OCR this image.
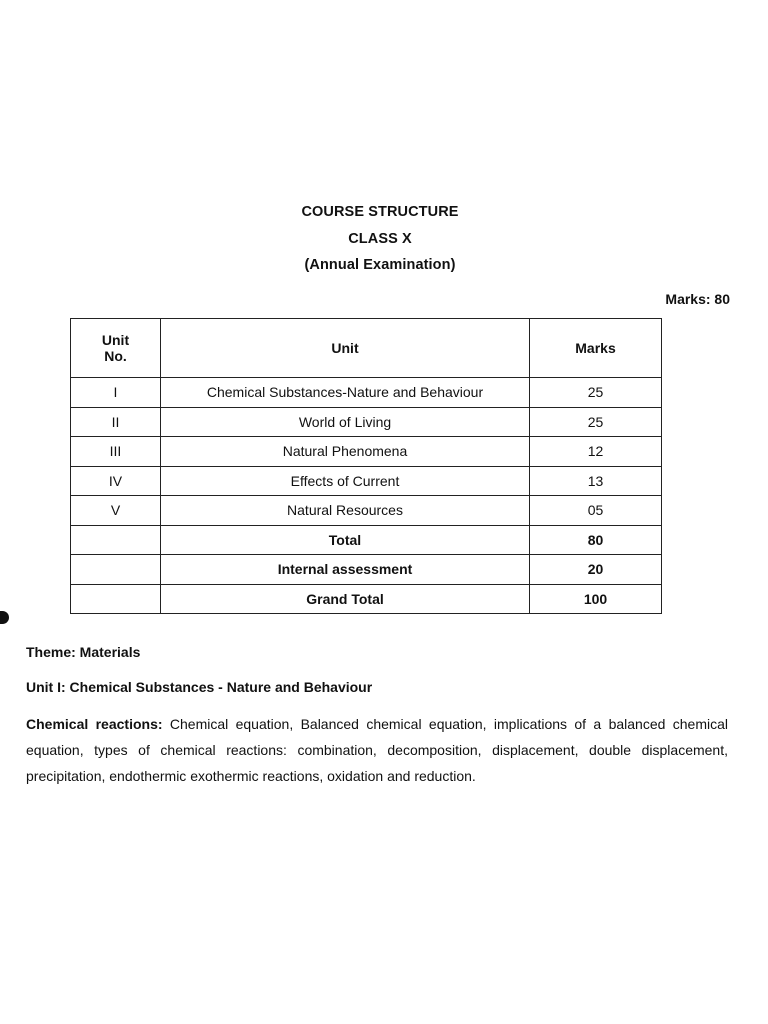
COURSE STRUCTURE
CLASS X
(Annual Examination)
Marks: 80
Unit
No.	Unit	Marks
I	Chemical Substances-Nature and Behaviour	25
II	World of Living	25
III	Natural Phenomena	12
IV	Effects of Current	13
V	Natural Resources	05
	Total	80
	Internal assessment	20
	Grand Total	100
Theme: Materials
Unit I: Chemical Substances - Nature and Behaviour
Chemical reactions: Chemical equation, Balanced chemical equation, implications of a balanced chemical equation, types of chemical reactions: combination, decomposition, displacement, double displacement, precipitation, endothermic exothermic reactions, oxidation and reduction.
